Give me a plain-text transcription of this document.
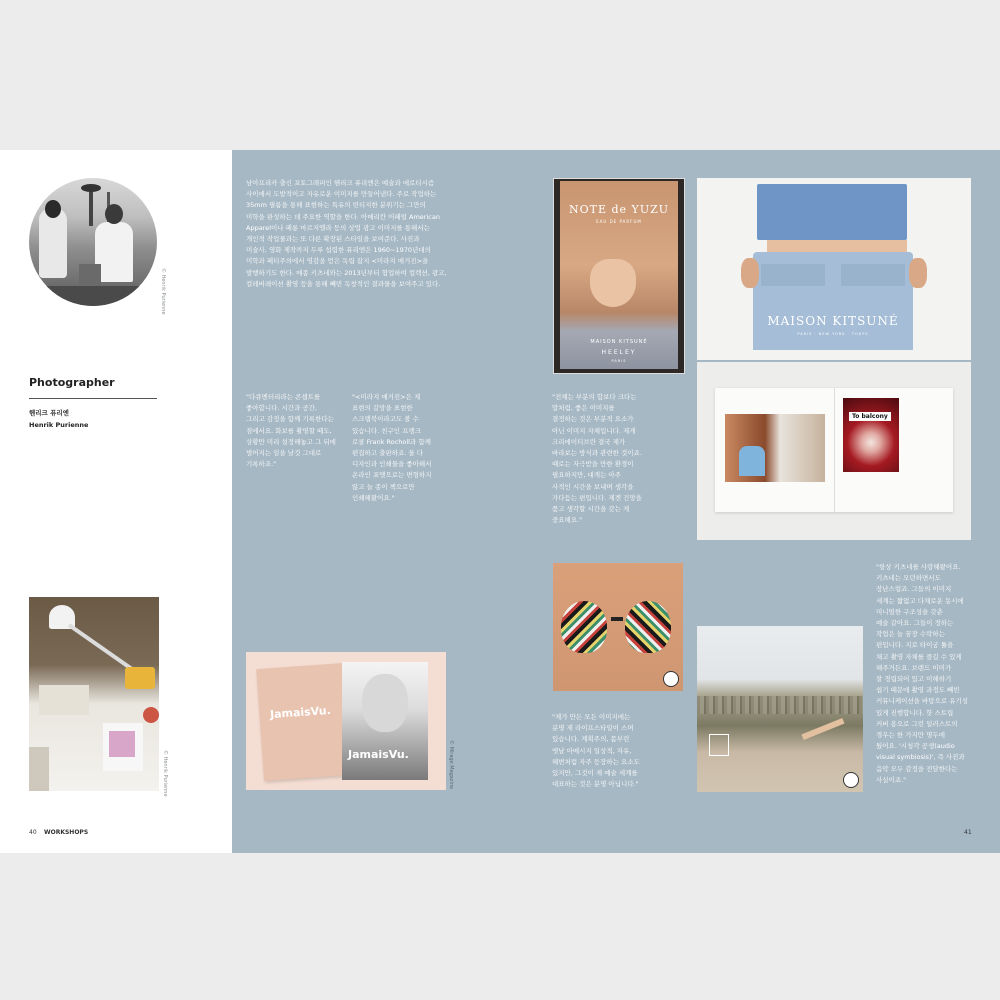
© Henrik Purienne
Photographer
헨리크 퓨리엔
Henrik Purienne
© Henrik Purienne
40 WORKSHOPS
남아프리카 출신 포토그래퍼인 헨리크 퓨리엔은 예술과 에로티시즘
사이에서 도발적이고 자유로운 이미지를 만들어낸다. 주로 작업하는
35mm 필름을 통해 표현하는 특유의 빈티지한 분위기는 그만의
미학을 완성하는 데 주요한 역할을 한다. 아메리칸 어패럴 American
Apparel이나 페롱 마르지엘라 등의 상업 광고 이미지를 통해서는
개인적 작업물과는 또 다른 확장된 스타일을 보여준다. 사진과
미술사, 영화 제작까지 두루 섭렵한 퓨리엔은 1960~1970년대의
미학과 페티주의에서 영감을 얻은 독립 잡지 <미라지 매거진>을
발행하기도 한다. 메종 키츠네와는 2013년부터 협업하여 컬렉션, 광고,
컬레버레이션 촬영 등을 통해 빼빈 독창적인 결과물을 보여주고 있다.
"다큐멘터리라는 콘셉트를
좋아합니다. 시간과 공간,
그리고 감정을 함께 기록한다는
점에서요. 화보를 촬영할 때도,
상황만 미리 설정해놓고 그 뒤에
벌어지는 일을 날것 그대로
기록하죠."
"<미라지 매거진>은 제
표현의 갈망을 표현한
스크랩북이라고도 볼 수
있습니다. 친구인 프랭크
로쿨 Frank Rocholl과 함께
편집하고 출판하죠. 둘 다
디자인과 인쇄물을 좋아해서
온라인 포맷으로는 변형하지
않고 늘 종이 책으로만
인쇄해왔어요."
"전체는 부분의 합보다 크다는
말처럼, 좋은 이미지를
결정하는 것은 부분적 요소가
아닌 이미지 자체입니다. 제게
크리에이티브란 결국 제가
바라보는 방식과 관련한 것이죠.
때로는 자극받을 만한 환경이
필요하지만, 대개는 아주
사적인 시간을 보내며 생각을
가다듬는 편입니다. 제겐 건망을
품고 생각할 시간을 갖는 게
중요해요."
"제가 만든 모든 이미지에는
분명 제 라이프스타일이 스며
있습니다. 계획주의, 몸부린
옛날 아메시지 일상적, 자유,
해변처럼 자주 등장하는 요소도
있지만, 그것이 제 예술 세계를
대표하는 것은 분명 아닙니다."
"항상 키츠네를 사랑해왔어요.
키츠네는 모던하면서도
장난스럽죠. 그들의 이미지
세계는 짧없고 다채로운 동시에
미니멀한 구조성을 갖춘
예술 같아요. 그들이 정하는
작업은 늘 꿈장 수락하는
편입니다. 지로 타이궁 톨을
채고 촬영 자체를 즐길 수 있게
해주거든요. 브랜드 이미가
잘 정립되어 있고 이해하기
쉽기 때문에 촬영 과정도 빼빈
커뮤니케이션을 바탕으로 유기성
있게 진행합니다. 핫 스트립
커버 용으로 그린 일러스트의
경우는 한 가지만 명두에
뒀어요. '시청각 공생(audio
visual symbiosis)', 즉 사진과
음악 모두 감정을 전달한다는
사실이죠."
NOTE de YUZU
EAU DE PARFUM
MAISON KITSUNÉ
HEELEY
PARIS
MAISON KITSUNÉ
PARIS · NEW YORK · TOKYO
To balcony
JamaisVu.
JamaisVu.	© Mirage Magazine
41
